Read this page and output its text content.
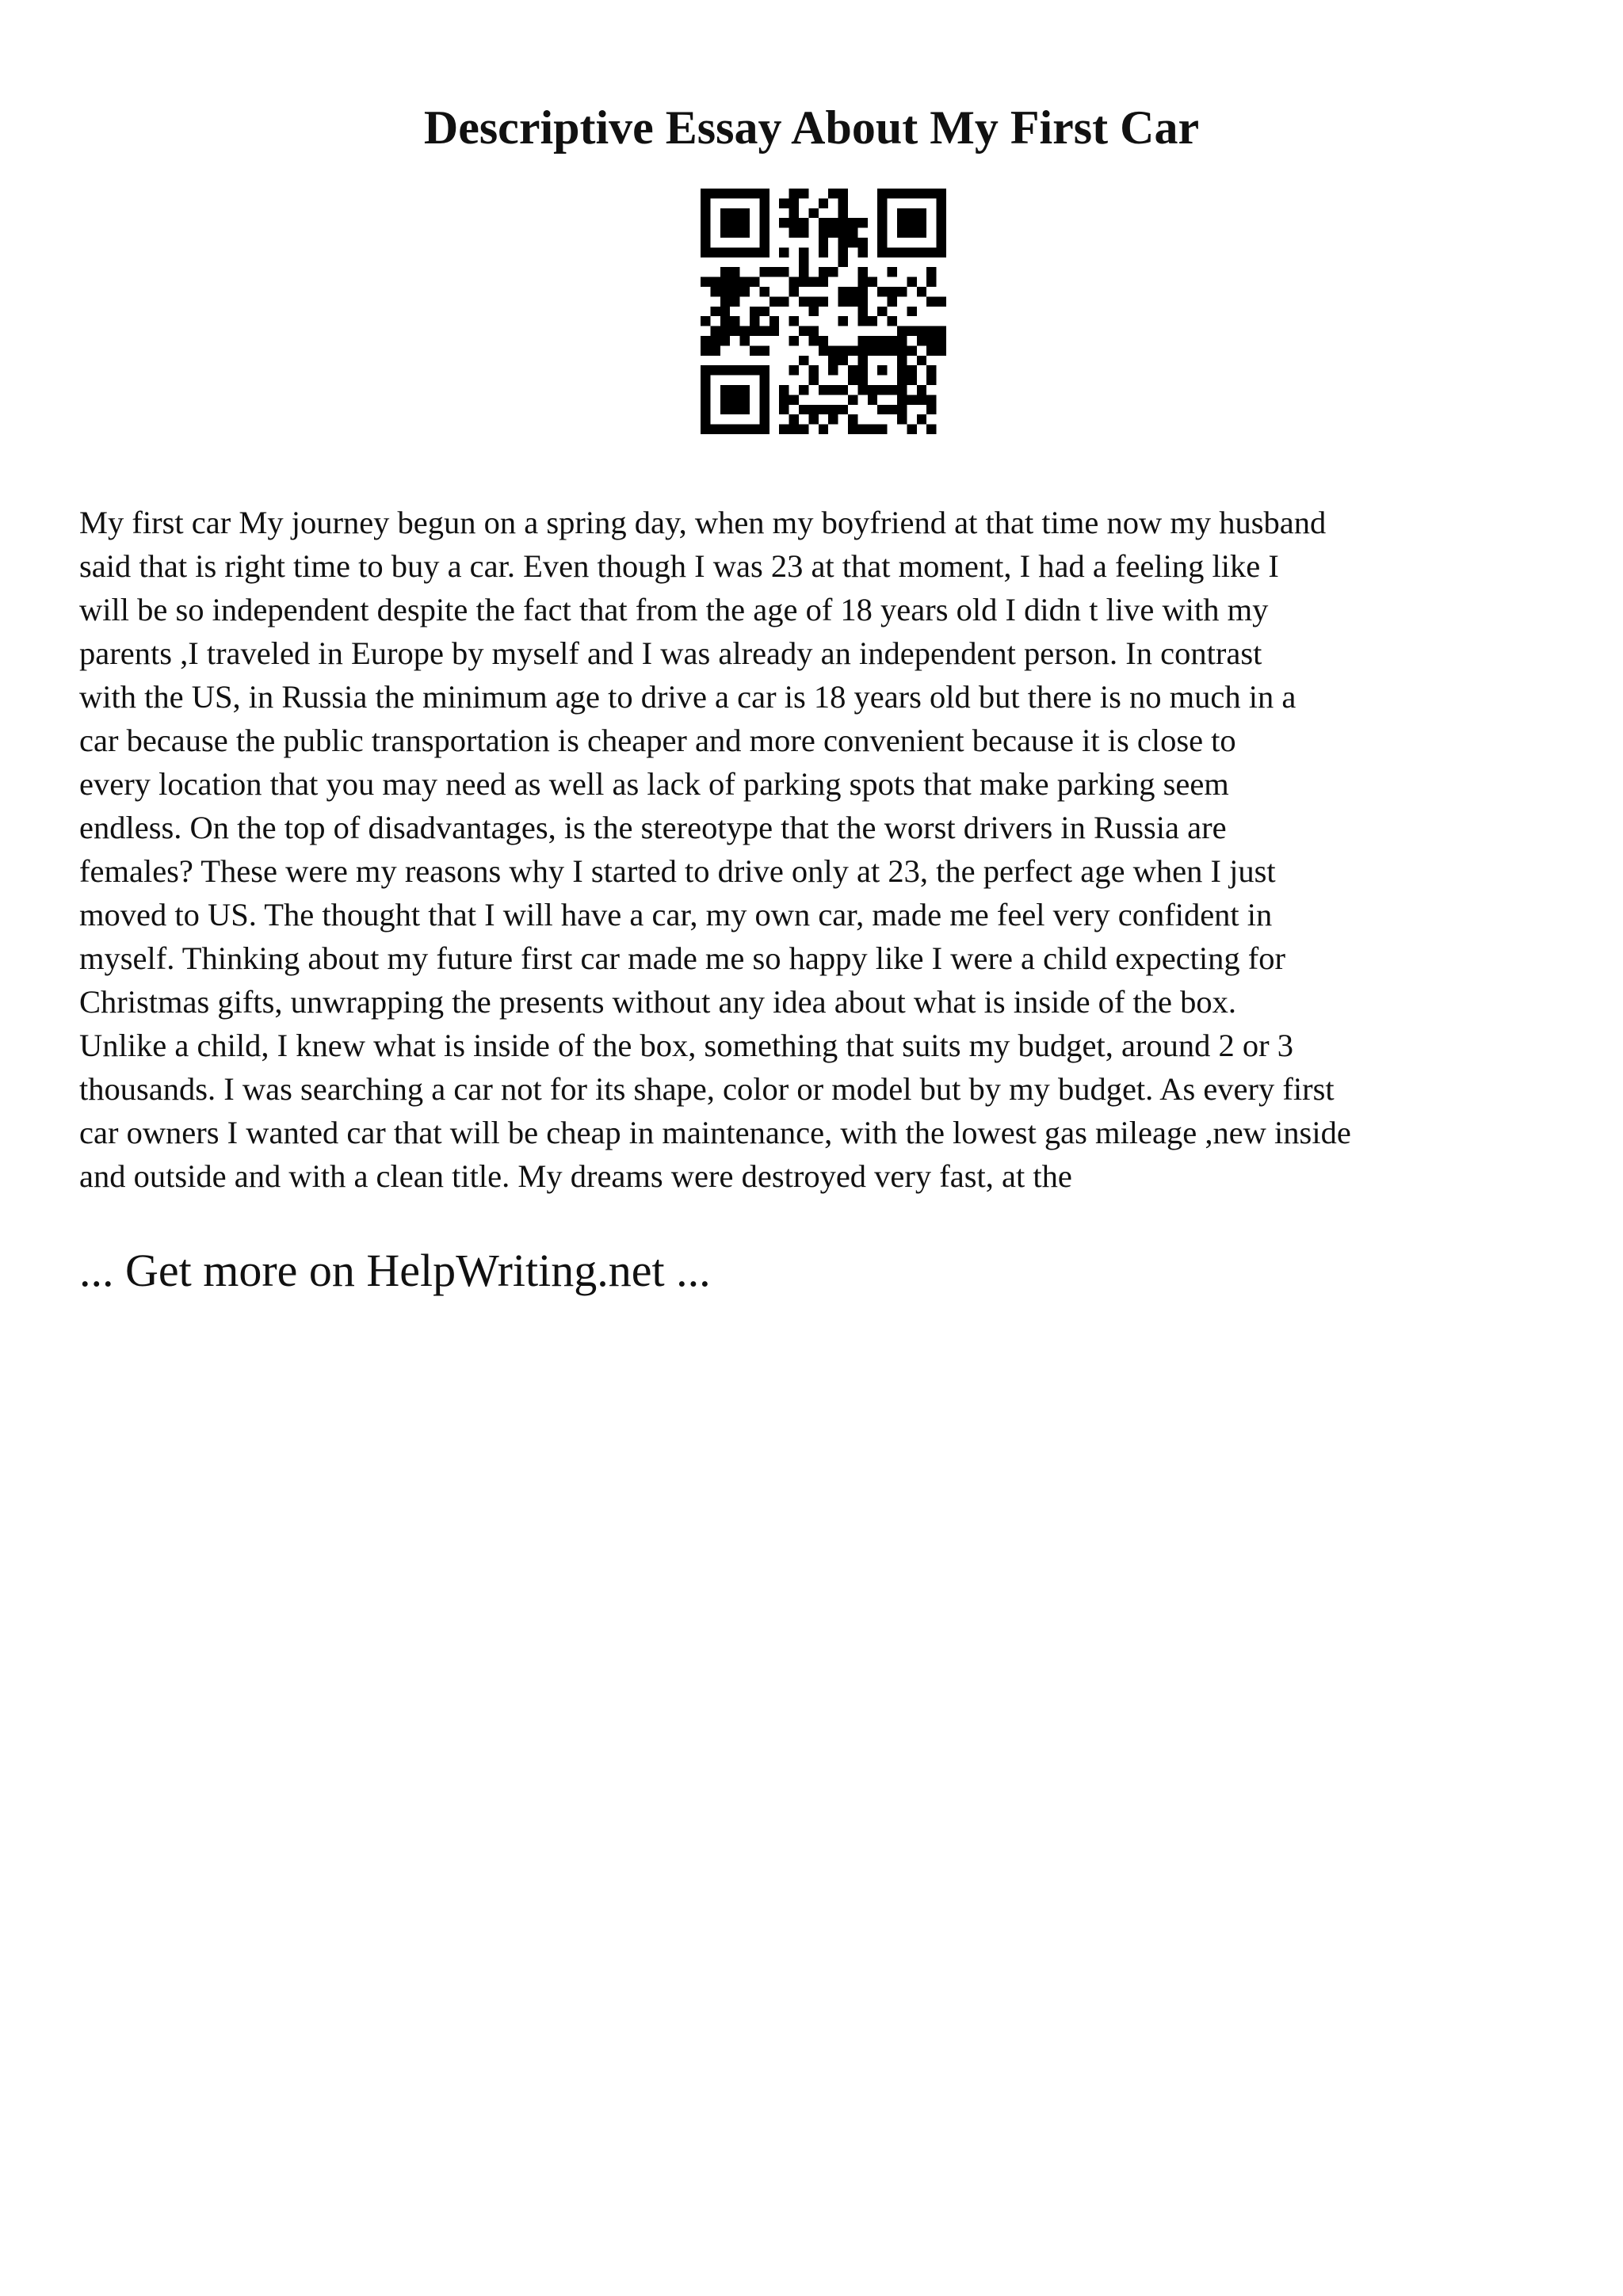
Descriptive Essay About My First Car
My first car My journey begun on a spring day, when my boyfriend at that time now my husband
said that is right time to buy a car. Even though I was 23 at that moment, I had a feeling like I
will be so independent despite the fact that from the age of 18 years old I didn t live with my
parents ,I traveled in Europe by myself and I was already an independent person. In contrast
with the US, in Russia the minimum age to drive a car is 18 years old but there is no much in a
car because the public transportation is cheaper and more convenient because it is close to
every location that you may need as well as lack of parking spots that make parking seem
endless. On the top of disadvantages, is the stereotype that the worst drivers in Russia are
females? These were my reasons why I started to drive only at 23, the perfect age when I just
moved to US. The thought that I will have a car, my own car, made me feel very confident in
myself. Thinking about my future first car made me so happy like I were a child expecting for
Christmas gifts, unwrapping the presents without any idea about what is inside of the box.
Unlike a child, I knew what is inside of the box, something that suits my budget, around 2 or 3
thousands. I was searching a car not for its shape, color or model but by my budget. As every first
car owners I wanted car that will be cheap in maintenance, with the lowest gas mileage ,new inside
and outside and with a clean title. My dreams were destroyed very fast, at the

... Get more on HelpWriting.net ...
